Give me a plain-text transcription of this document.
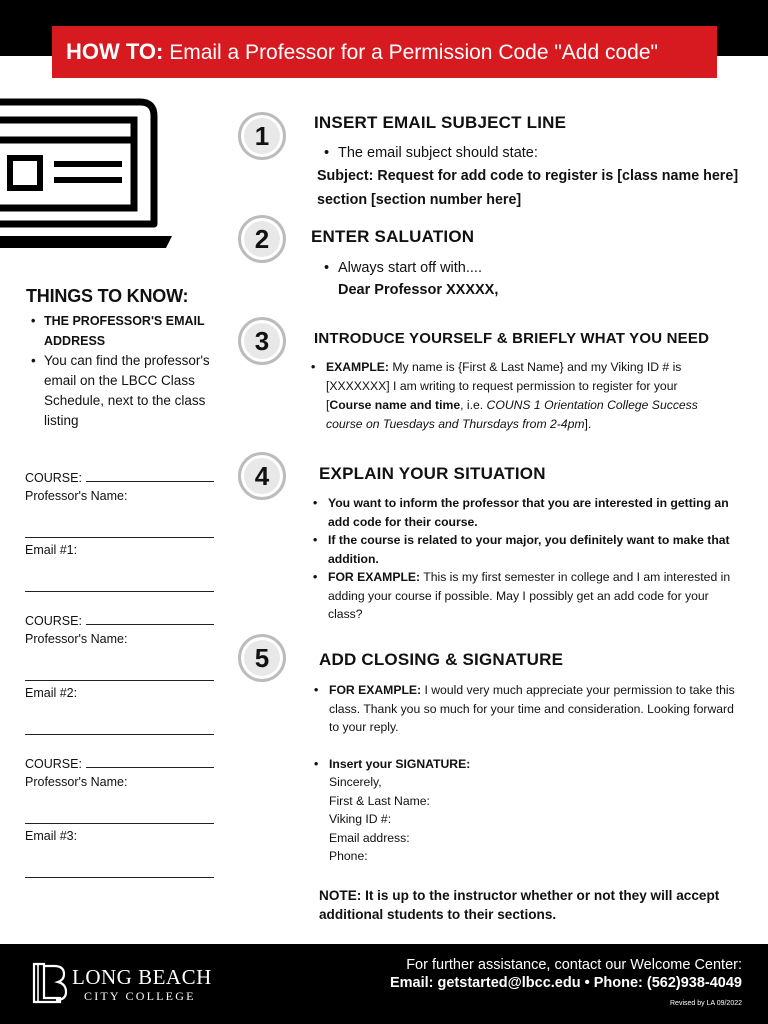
HOW TO: Email a Professor for a Permission Code "Add code"
THINGS TO KNOW:
• THE PROFESSOR'S EMAIL ADDRESS
• You can find the professor's email on the LBCC Class Schedule, next to the class listing
COURSE:
Professor's Name:
Email #1:
COURSE:
Professor's Name:
Email #2:
COURSE:
Professor's Name:
Email #3:
1	INSERT EMAIL SUBJECT LINE
• The email subject should state:
Subject: Request for add code to register is [class name here]
section [section number here]
2	ENTER SALUATION
• Always start off with....
Dear Professor XXXXX,
3	INTRODUCE YOURSELF & BRIEFLY WHAT YOU NEED
• EXAMPLE: My name is {First & Last Name} and my Viking ID # is [XXXXXXX] I am writing to request permission to register for your [Course name and time, i.e. COUNS 1 Orientation College Success course on Tuesdays and Thursdays from 2-4pm].
4	EXPLAIN YOUR SITUATION
• You want to inform the professor that you are interested in getting an add code for their course.
• If the course is related to your major, you definitely want to make that addition.
• FOR EXAMPLE: This is my first semester in college and I am interested in adding your course if possible. May I possibly get an add code for your class?
5	ADD CLOSING & SIGNATURE
• FOR EXAMPLE: I would very much appreciate your permission to take this class. Thank you so much for your time and consideration. Looking forward to your reply.
• Insert your SIGNATURE:
Sincerely,
First & Last Name:
Viking ID #:
Email address:
Phone:
NOTE: It is up to the instructor whether or not they will accept additional students to their sections.
LONG BEACH
CITY COLLEGE
For further assistance, contact our Welcome Center:
Email: getstarted@lbcc.edu • Phone: (562)938-4049
Revised by LA 09/2022
